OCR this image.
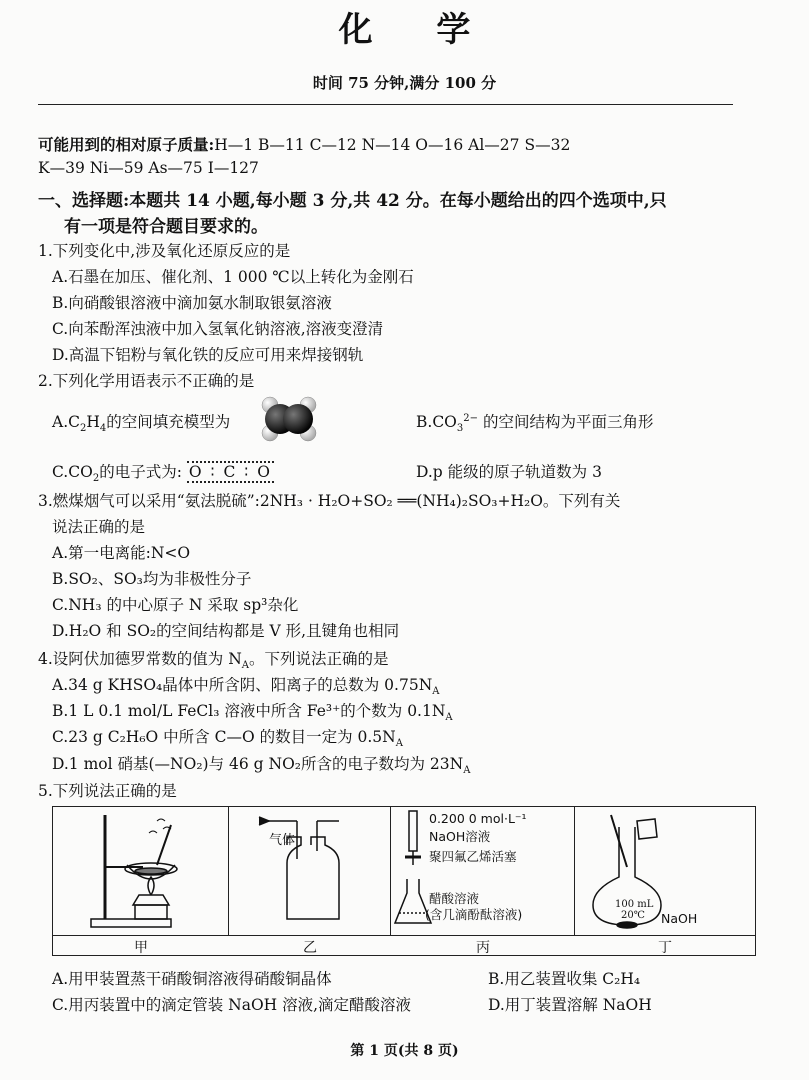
化 学
时间 75 分钟,满分 100 分
可能用到的相对原子质量:H—1 B—11 C—12 N—14 O—16 Al—27 S—32
K—39 Ni—59 As—75 I—127
一、选择题:本题共 14 小题,每小题 3 分,共 42 分。在每小题给出的四个选项中,只
有一项是符合题目要求的。
1.下列变化中,涉及氧化还原反应的是
A.石墨在加压、催化剂、1 000 ℃以上转化为金刚石
B.向硝酸银溶液中滴加氨水制取银氨溶液
C.向苯酚浑浊液中加入氢氧化钠溶液,溶液变澄清
D.高温下铝粉与氧化铁的反应可用来焊接钢轨
2.下列化学用语表示不正确的是
$A.C_2H_4$的空间填充模型为	$B.CO_3^{2-}$ 的空间结构为平面三角形
$C.CO_2$的电子式为: O ∶ C ∶ O	D.p 能级的原子轨道数为 3
3.燃煤烟气可以采用“氨法脱硫”:2NH₃ · H₂O+SO₂ ══(NH₄)₂SO₃+H₂O。下列有关
说法正确的是
A.第一电离能:N<O
B.SO₂、SO₃均为非极性分子
C.NH₃ 的中心原子 N 采取 sp³杂化
D.H₂O 和 SO₂的空间结构都是 V 形,且键角也相同
4.设阿伏加德罗常数的值为 $N_A$。下列说法正确的是
A.34 g KHSO₄晶体中所含阴、阳离子的总数为 $0.75N_A$
B.1 L 0.1 mol/L FeCl₃ 溶液中所含 Fe³⁺的个数为 $0.1N_A$
C.23 g C₂H₆O 中所含 C—O 的数目一定为 $0.5N_A$
D.1 mol 硝基(—NO₂)与 46 g NO₂所含的电子数均为 $23N_A$
5.下列说法正确的是
气体
0.200 0 mol·L⁻¹
NaOH溶液
聚四氟乙烯活塞
醋酸溶液
(含几滴酚酞溶液)
100 mL
20℃ NaOH
甲	乙	丙	丁
A.用甲装置蒸干硝酸铜溶液得硝酸铜晶体	B.用乙装置收集 C₂H₄
C.用丙装置中的滴定管装 NaOH 溶液,滴定醋酸溶液	D.用丁装置溶解 NaOH
第 1 页(共 8 页)
